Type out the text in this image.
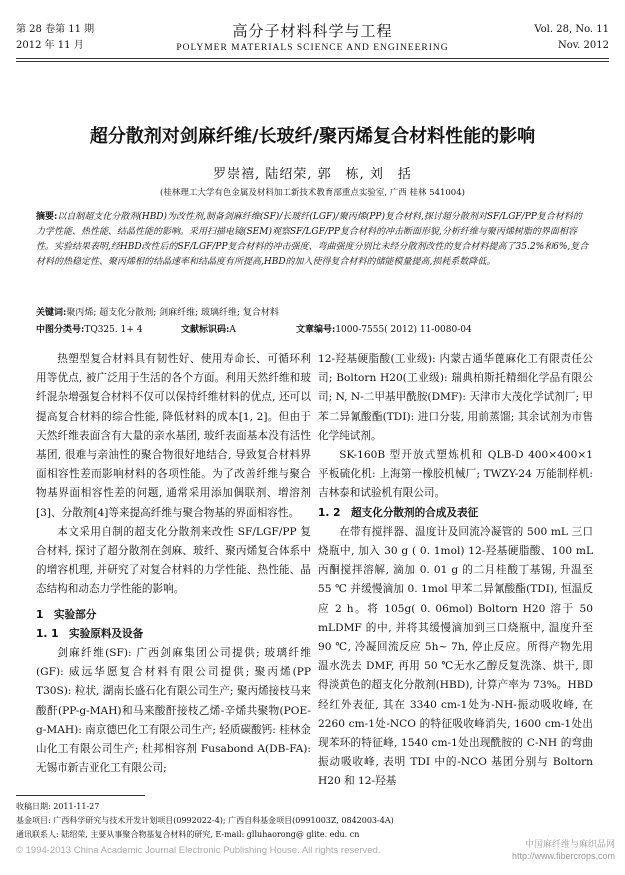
第 28 卷第 11 期
2012 年 11 月
高分子材料科学与工程
POLYMER MATERIALS SCIENCE AND ENGINEERING
Vol. 28, No. 11
Nov. 2012
超分散剂对剑麻纤维/长玻纤/聚丙烯复合材料性能的影响
罗崇禧, 陆绍荣, 郭　栋, 刘　括
(桂林理工大学有色金属及材料加工新技术教育部重点实验室, 广西 桂林 541004)
摘要:以自制超支化分散剂(HBD)为改性剂,制备剑麻纤维(SF)/长玻纤(LGF)/聚丙烯(PP)复合材料,探讨超分散剂对SF/LGF/PP复合材料的力学性能、热性能、结晶性能的影响。采用扫描电镜(SEM)观察SF/LGF/PP复合材料的冲击断面形貌,分析纤维与聚丙烯树脂的界面相容性。实验结果表明,经HBD改性后的SF/LGF/PP复合材料的冲击强度、弯曲强度分别比未经分散剂改性的复合材料提高了35.2%和6%,复合材料的热稳定性、聚丙烯相的结晶速率和结晶度有所提高,HBD的加入使得复合材料的储能模量提高,损耗系数降低。
关键词:聚丙烯; 超支化分散剂; 剑麻纤维; 玻璃纤维; 复合材料
中图分类号:TQ325. 1+ 4	文献标识码:A	文章编号:1000-7555( 2012) 11-0080-04

热塑型复合材料具有韧性好、使用寿命长、可循环利用等优点, 被广泛用于生活的各个方面。利用天然纤维和玻纤混杂增强复合材料不仅可以保持纤维材料的优点, 还可以提高复合材料的综合性能, 降低材料的成本[1, 2]。但由于天然纤维表面含有大量的亲水基团, 玻纤表面基本没有活性基团, 很难与亲油性的聚合物很好地结合, 导致复合材料界面相容性差而影响材料的各项性能。为了改善纤维与聚合物基界面相容性差的问题, 通常采用添加偶联剂、增溶剂[3]、分散剂[4]等来提高纤维与聚合物基的界面相容性。

本文采用自制的超支化分散剂来改性 SF/LGF/PP 复合材料, 探讨了超分散剂在剑麻、玻纤、聚丙烯复合体系中的增容机理, 并研究了对复合材料的力学性能、热性能、晶态结构和动态力学性能的影响。

1　实验部分

1. 1　实验原料及设备

剑麻纤维(SF): 广西剑麻集团公司提供; 玻璃纤维(GF): 威远华愿复合材料有限公司提供; 聚丙烯(PP T30S): 粒状, 湖南长盛石化有限公司生产; 聚丙烯接枝马来酸酐(PP-g-MAH)和马来酸酐接枝乙烯-辛烯共聚物(POE-g-MAH): 南京德巴化工有限公司生产; 轻质碳酸钙: 桂林金山化工有限公司生产; 杜邦相容剂 Fusabond A(DB-FA): 无锡市新吉亚化工有限公司;

12-羟基硬脂酸(工业级): 内蒙古通华蓖麻化工有限责任公司; Boltorn H20(工业级): 瑞典柏斯托精细化学品有限公司; N, N-二甲基甲酰胺(DMF): 天津市大茂化学试剂厂; 甲苯二异氰酸酯(TDI): 进口分装, 用前蒸馏; 其余试剂为市售化学纯试剂。

SK-160B 型开放式塑炼机和 QLB-D 400×400×1 平板硫化机: 上海第一橡胶机械厂; TWZY-24 万能制样机: 吉林泰和试验机有限公司。

1. 2　超支化分散剂的合成及表征

在带有搅拌器、温度计及回流冷凝管的 500 mL 三口烧瓶中, 加入 30 g ( 0. 1mol) 12-羟基硬脂酸、100 mL 丙酮搅拌溶解, 滴加 0. 01 g 的二月桂酸丁基锡, 升温至 55 ℃ 并缓慢滴加 0. 1mol 甲苯二异氰酸酯(TDI), 恒温反应 2 h。将 105g( 0. 06mol) Boltorn H20 溶于 50 mLDMF 的中, 并将其缓慢滴加到三口烧瓶中, 温度升至 90 ℃, 冷凝回流反应 5h~ 7h, 停止反应。所得产物先用温水洗去 DMF, 再用 50 ℃无水乙醇反复洗涤、烘干, 即得淡黄色的超支化分散剂(HBD), 计算产率为 73%。HBD 经红外表征, 其在 3340 cm-1处为-NH-振动吸收峰, 在 2260 cm-1处-NCO 的特征吸收峰消失, 1600 cm-1处出现苯环的特征峰, 1540 cm-1处出现酰胺的 C-NH 的弯曲振动吸收峰, 表明 TDI 中的-NCO 基团分别与 Boltorn H20 和 12-羟基

收稿日期: 2011-11-27
基金项目: 广西科学研究与技术开发计划项目(0992022-4); 广西自科基金项目(0991003Z, 0842003-4A)
通讯联系人: 陆绍荣, 主要从事聚合物基复合材料的研究, E-mail: glluhaorong@ glite. edu. cn
© 1994-2013 China Academic Journal Electronic Publishing House. All rights reserved.
中国麻纤维与麻织品网
http://www.fibercrops.com
